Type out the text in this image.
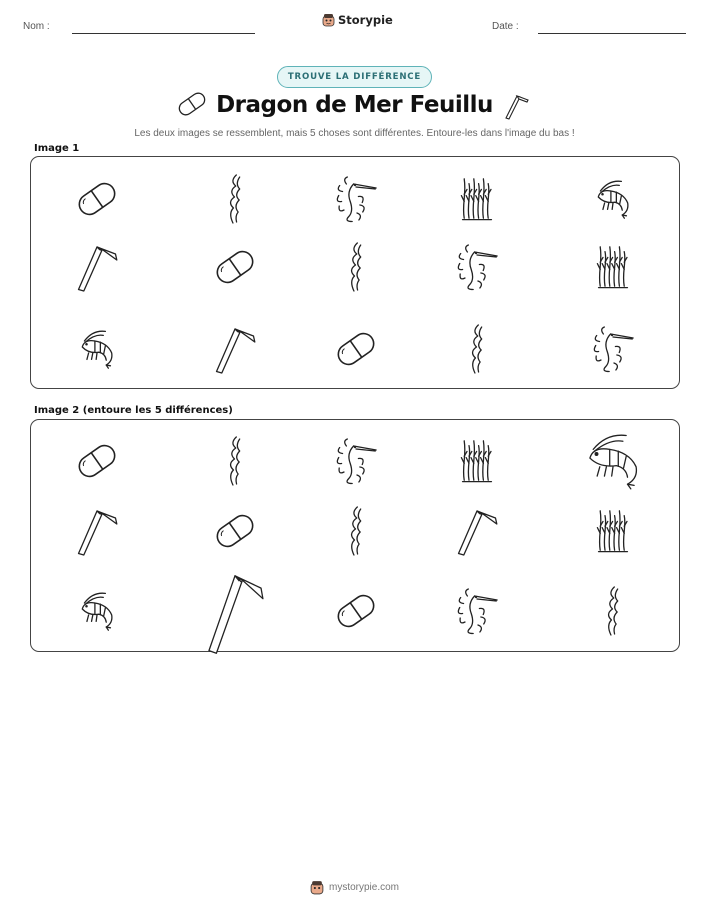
Nom :	Storypie	Date :
TROUVE LA DIFFÉRENCE
Dragon de Mer Feuillu
Les deux images se ressemblent, mais 5 choses sont différentes. Entoure-les dans l'image du bas !
Image 1
Image 2 (entoure les 5 différences)
mystorypie.com
